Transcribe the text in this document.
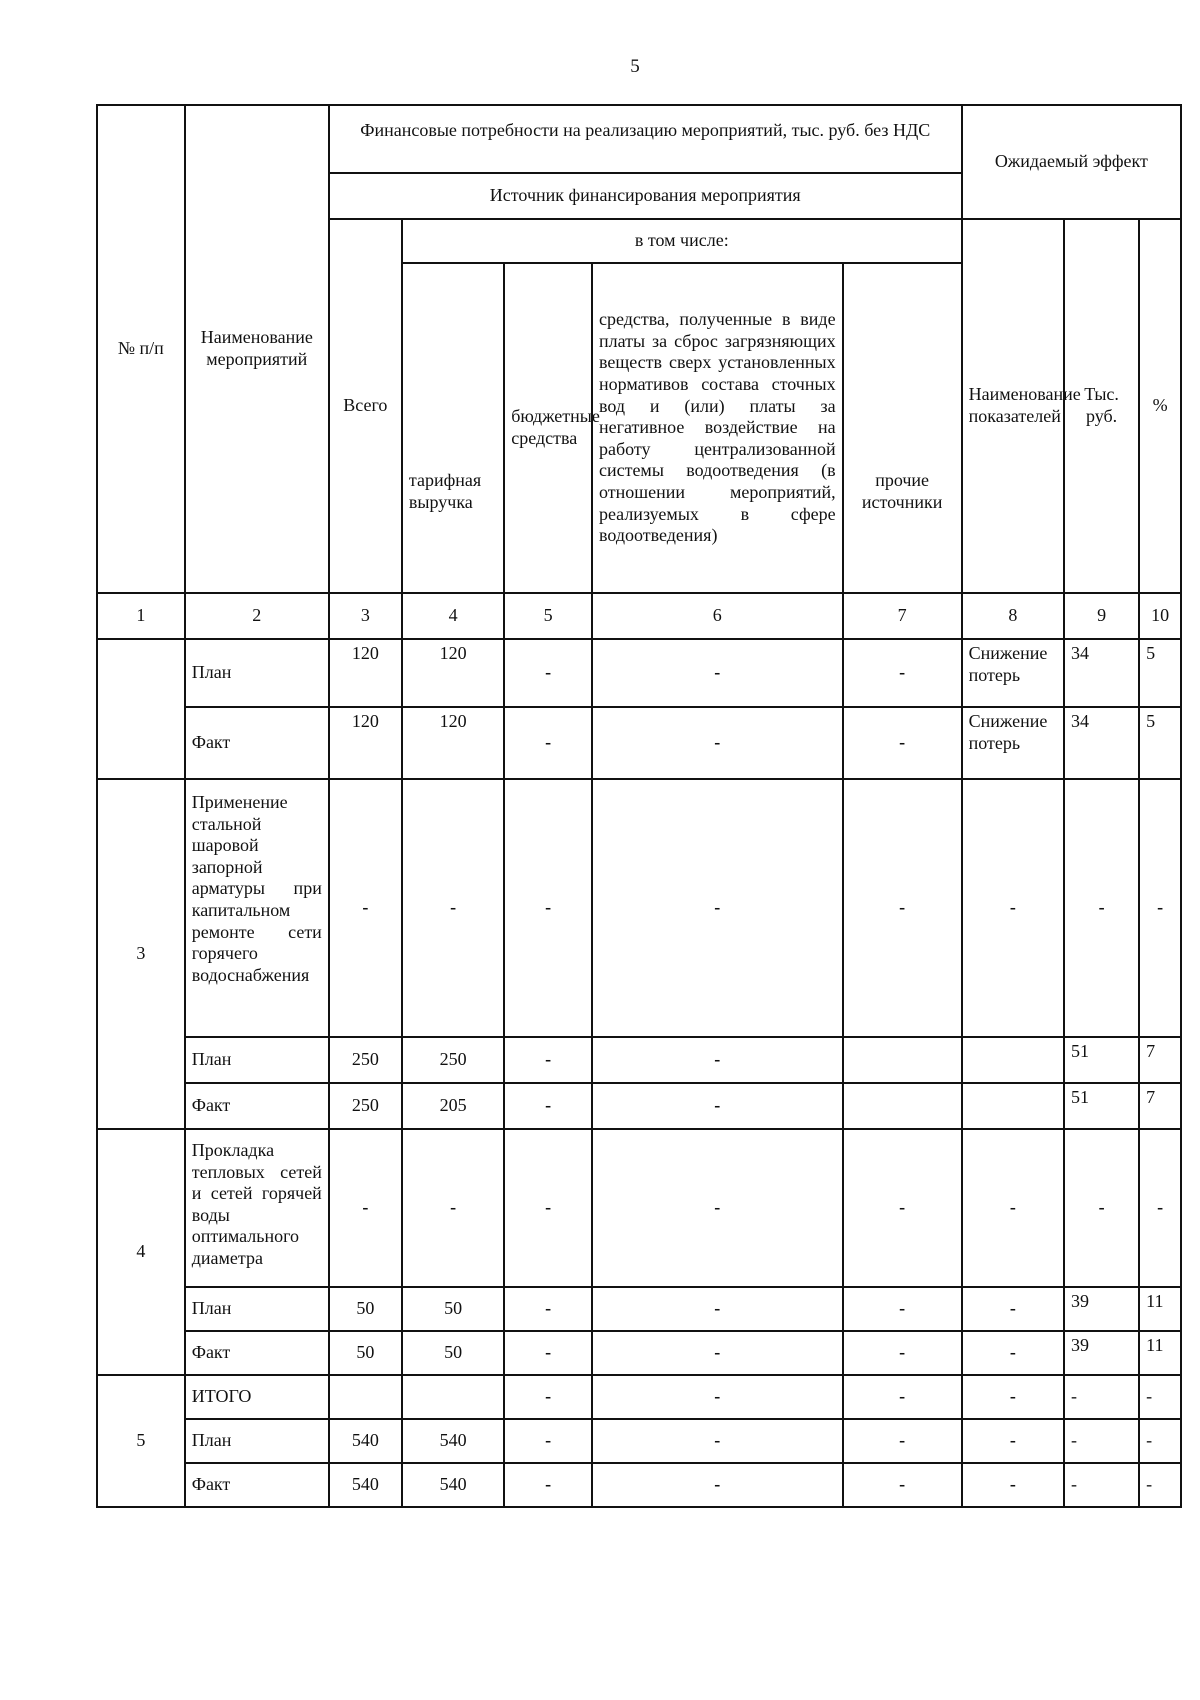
5
№ п/п	Наименование мероприятий	Финансовые потребности на реализацию мероприятий, тыс. руб. без НДС					Ожидаемый эффект		
		Источник финансирования мероприятия							
		Всего	в том числе:				Наименование показателей	Тыс. руб.	%
			тарифная выручка	бюджетные средства	средства, полученные в виде платы за сброс загрязняющих веществ сверх установленных нормативов состава сточных вод и (или) платы за негативное воздействие на работу централизованной системы водоотведения (в отношении мероприятий, реализуемых в сфере водоотведения)	прочие источники			
1	2	3	4	5	6	7	8	9	10
	План	120	120	-	-	-	Снижение потерь	34	5
	Факт	120	120	-	-	-	Снижение потерь	34	5
3	Применение стальной шаровой запорной арматуры при капитальном ремонте сети горячего водоснабжения	-	-	-	-	-	-	-	-
	План	250	250	-	-			51	7
	Факт	250	205	-	-			51	7
4	Прокладка тепловых сетей и сетей горячей воды оптимального диаметра	-	-	-	-	-	-	-	-
	План	50	50	-	-	-	-	39	11
	Факт	50	50	-	-	-	-	39	11
5	ИТОГО			-	-	-	-	-	-
	План	540	540	-	-	-	-	-	-
	Факт	540	540	-	-	-	-	-	-
